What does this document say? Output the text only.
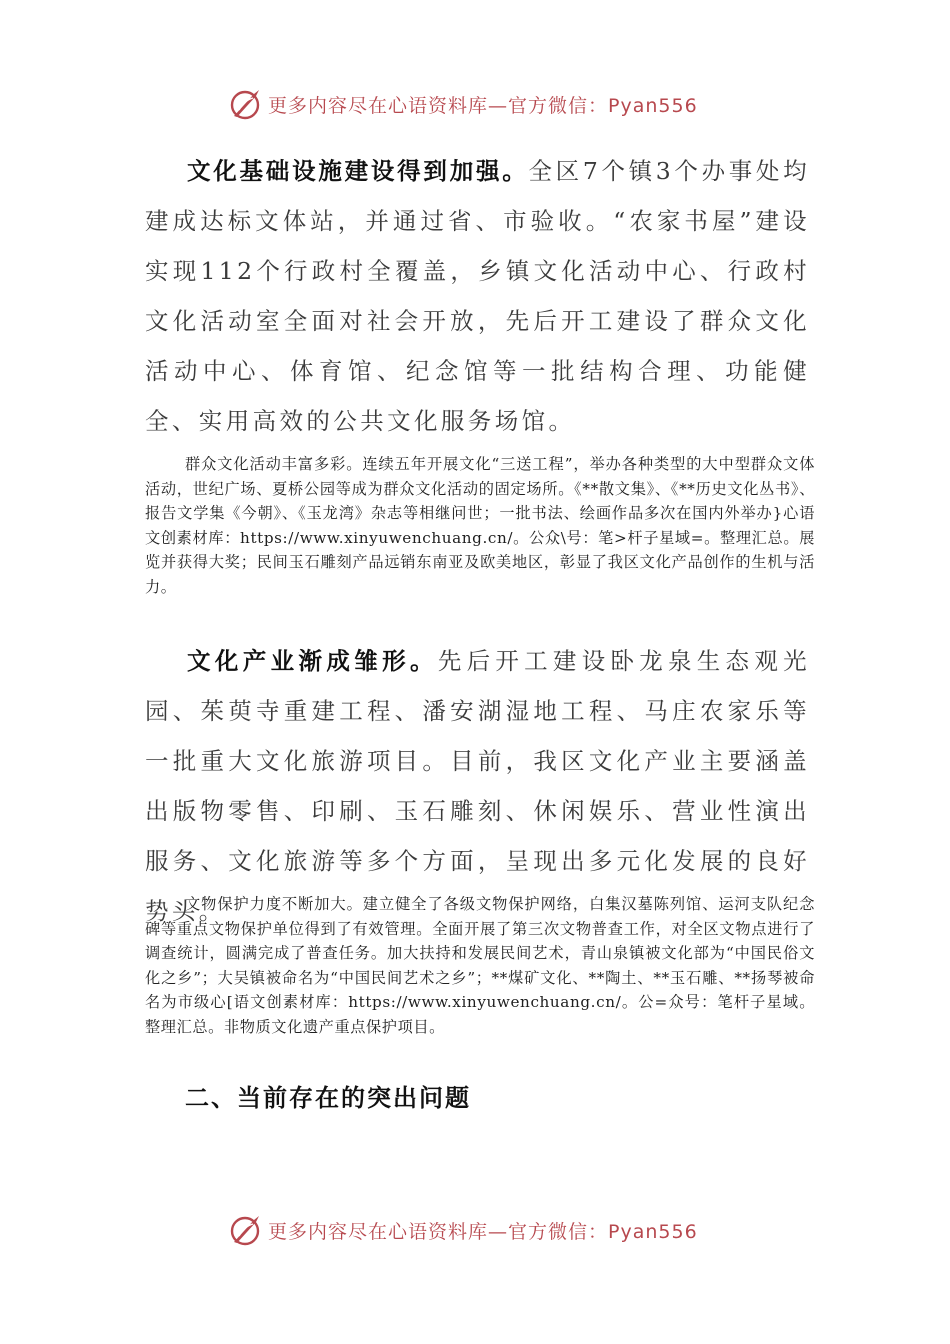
更多内容尽在心语资料库—官方微信：Pyan556

文化基础设施建设得到加强。全区7个镇3个办事处均建成达标文体站，并通过省、市验收。“农家书屋”建设实现112个行政村全覆盖，乡镇文化活动中心、行政村文化活动室全面对社会开放，先后开工建设了群众文化活动中心、体育馆、纪念馆等一批结构合理、功能健全、实用高效的公共文化服务场馆。

群众文化活动丰富多彩。连续五年开展文化“三送工程”，举办各种类型的大中型群众文体活动，世纪广场、夏桥公园等成为群众文化活动的固定场所。《**散文集》、《**历史文化丛书》、报告文学集《今朝》、《玉龙湾》杂志等相继问世；一批书法、绘画作品多次在国内外举办}心语文创素材库：https://www.xinyuwenchuang.cn/。公众\号：笔>杆子星域=。整理汇总。展览并获得大奖；民间玉石雕刻产品远销东南亚及欧美地区，彰显了我区文化产品创作的生机与活力。

文化产业渐成雏形。先后开工建设卧龙泉生态观光园、茱萸寺重建工程、潘安湖湿地工程、马庄农家乐等一批重大文化旅游项目。目前，我区文化产业主要涵盖出版物零售、印刷、玉石雕刻、休闲娱乐、营业性演出服务、文化旅游等多个方面，呈现出多元化发展的良好势头。

文物保护力度不断加大。建立健全了各级文物保护网络，白集汉墓陈列馆、运河支队纪念碑等重点文物保护单位得到了有效管理。全面开展了第三次文物普查工作，对全区文物点进行了调查统计，圆满完成了普查任务。加大扶持和发展民间艺术，青山泉镇被文化部为“中国民俗文化之乡”；大吴镇被命名为“中国民间艺术之乡”；**煤矿文化、**陶土、**玉石雕、**扬琴被命名为市级心[语文创素材库：https://www.xinyuwenchuang.cn/。公=众号：笔杆子星域。整理汇总。非物质文化遗产重点保护项目。

二、当前存在的突出问题
更多内容尽在心语资料库—官方微信：Pyan556
